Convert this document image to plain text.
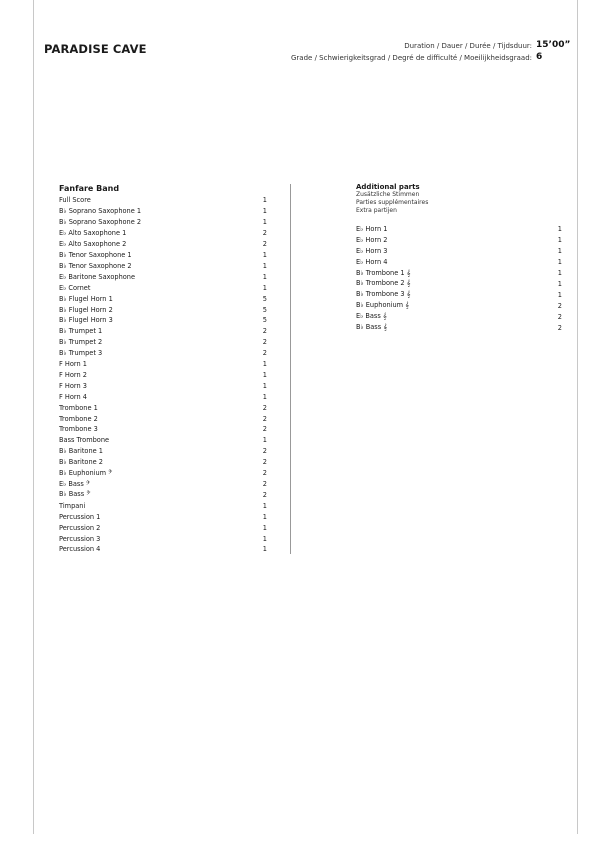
PARADISE CAVE	Duration / Dauer / Durée / Tijdsduur: 15’00”
Grade / Schwierigkeitsgrad / Degré de difficulté / Moeilijkheidsgraad: 6
Fanfare Band
Full Score	1
B♭ Soprano Saxophone 1	1
B♭ Soprano Saxophone 2	1
E♭ Alto Saxophone 1	2
E♭ Alto Saxophone 2	2
B♭ Tenor Saxophone 1	1
B♭ Tenor Saxophone 2	1
E♭ Baritone Saxophone	1
E♭ Cornet	1
B♭ Flugel Horn 1	5
B♭ Flugel Horn 2	5
B♭ Flugel Horn 3	5
B♭ Trumpet 1	2
B♭ Trumpet 2	2
B♭ Trumpet 3	2
F Horn 1	1
F Horn 2	1
F Horn 3	1
F Horn 4	1
Trombone 1	2
Trombone 2	2
Trombone 3	2
Bass Trombone	1
B♭ Baritone 1	2
B♭ Baritone 2	2
B♭ Euphonium 𝄢	2
E♭ Bass 𝄢	2
B♭ Bass 𝄢	2
Timpani	1
Percussion 1	1
Percussion 2	1
Percussion 3	1
Percussion 4	1
Additional parts
Zusätzliche Stimmen
Parties supplémentaires
Extra partijen
E♭ Horn 1	1
E♭ Horn 2	1
E♭ Horn 3	1
E♭ Horn 4	1
B♭ Trombone 1 𝄞	1
B♭ Trombone 2 𝄞	1
B♭ Trombone 3 𝄞	1
B♭ Euphonium 𝄞	2
E♭ Bass 𝄞	2
B♭ Bass 𝄞	2
